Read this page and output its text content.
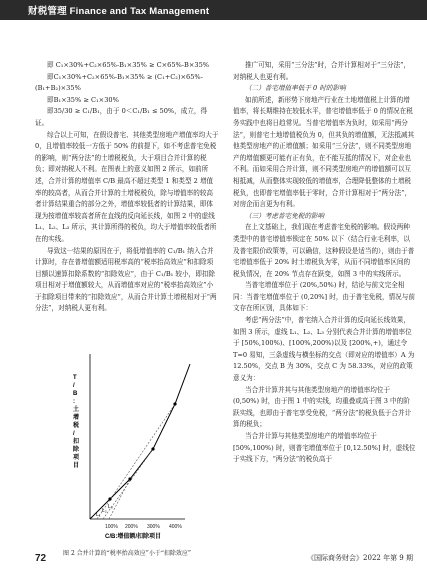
财税管理 Finance and Tax Management

即 C₁×30%+C₂×65%-B₁×35% ≥ C×65%-B×35%

即C₁×30%+C₂×65%-B₁×35% ≥ (C₁+C₂)×65%-(B₁+B₂)×35%

即B₁×35% ≥ C₁×30%

即35/30 ≥ C₁/B₁，由于 0＜C₁/B₁ ≤ 50%，成立，得证。

综合以上可知，在假设普宅、其他类型房地产增值率均大于 0，且增值率较低一方低于 50% 的前提下，如不考虑普宅免税的影响，则“两分法”的土增税税负，大于项目合并计算的税负；即对纳税人不利。在图表上的意义如图 2 所示，如前所述，合并计算的增值率 C/B 最高不超过类型 1 和类型 2 增值率的较高者，从而合并计算的土增税税负，除与增值率的较高者计算结果重合的部分之外，增值率较低者的计算结果，即体现为按增值率较高者所在直线的反向延长线，如图 2 中的虚线 L₁、L₂、L₃ 所示，其计算所得的税负，均大于增值率较低者所在的实线。

导致这一结果的原因在于，将低增值率的 C₁/B₁ 纳入合并计算时，存在普增值额适用税率高的“税率抬高效应”和扣除项目额以速算扣除系数的“扣除效应”，由于 C₁/B₁ 较小，即扣除项目相对于增值额较大，从而增值率对应的“税率抬高效应”小于扣除项目带来的“扣除效应”，从而合并计算土增税相对于“两分法”，对纳税人更有利。

T / B :土增税/扣除项目
100% 200% 300% 400%
C/B:增值额/扣除项目
L₁
L₂
L₃
图 2 合并计算的“税率抬高效应”小于“扣除效应”

推广可知，采用“三分法”时，合并计算相对于“三分法”，对纳税人也更有利。

（二）普宅增值率低于 0 时的影响

如前所述，新形势下房地产行业在土地增值税上计算的增值率，将长期维持在较低水平，普宅增值率低于 0 的情况在税务实践中也将日趋常见。当普宅增值率为负时，如采用“两分法”，则普宅土地增值税负为 0，但其负的增值额，无法抵减其他类型房地产的正增值额；如采用“三分法”，则不同类型房地产的增值额更可能有正有负，在不能互抵的情况下，对企业也不利。而如采用合并计算，则不同类型房地产的增值额可以互相抵减，从而整体实现较低的增值率，合理降低整体的土增税税负，也即普宅增值率低于零时，合并计算相对于“两分法”，对房企而言更为有利。

（三）考虑普宅免税的影响

在上文基础上，我们现在考虑普宅免税的影响。假设两种类型中的普宅增值率锁定在 50% 以下（结合行业毛利率，以及普宅限价政策等，可以确信，这种假设是适当的），则由于普宅增值率低于 20% 时土增税负为零，从而不同增值率区间的税负情况，在 20% 节点存在跃变，如图 3 中的实线所示。

当普宅增值率位于 (20%,50%) 时，结论与前文完全相同：当普宅增值率位于 (0,20%] 时，由于普宅免税，情况与前文存在所区别，具体如下：

考虑“两分法”中，普宅纳入合并计算的反向延长线效果，如图 3 所示，虚线 L₁、L₂、L₃ 分别代表合并计算的增值率位于 [50%,100%)、[100%,200%)以及 [200%,+)，通过令 T=0 易知，三条虚线与横坐标的交点（即对应的增值率）A 为 12.50%，交点 B 为 30%，交点 C 为 58.33%，对应的政策意义为：

当合并计算并其与其他类型房地产的增值率均位于 (0,50%) 时，由于图 1 中的实线，均重叠或高于图 3 中的阶跃实线，也即由于普宅享受免税，“两分法”的税负低于合并计算的税负；

当合并计算与其他类型房地产的增值率均位于 [50%,100%) 时，则普宅增值率位于 [0,12.50%] 时，虚线位于实线下方，“两分法”的税负高于

72	《国际商务财会》2022 年第 9 期
